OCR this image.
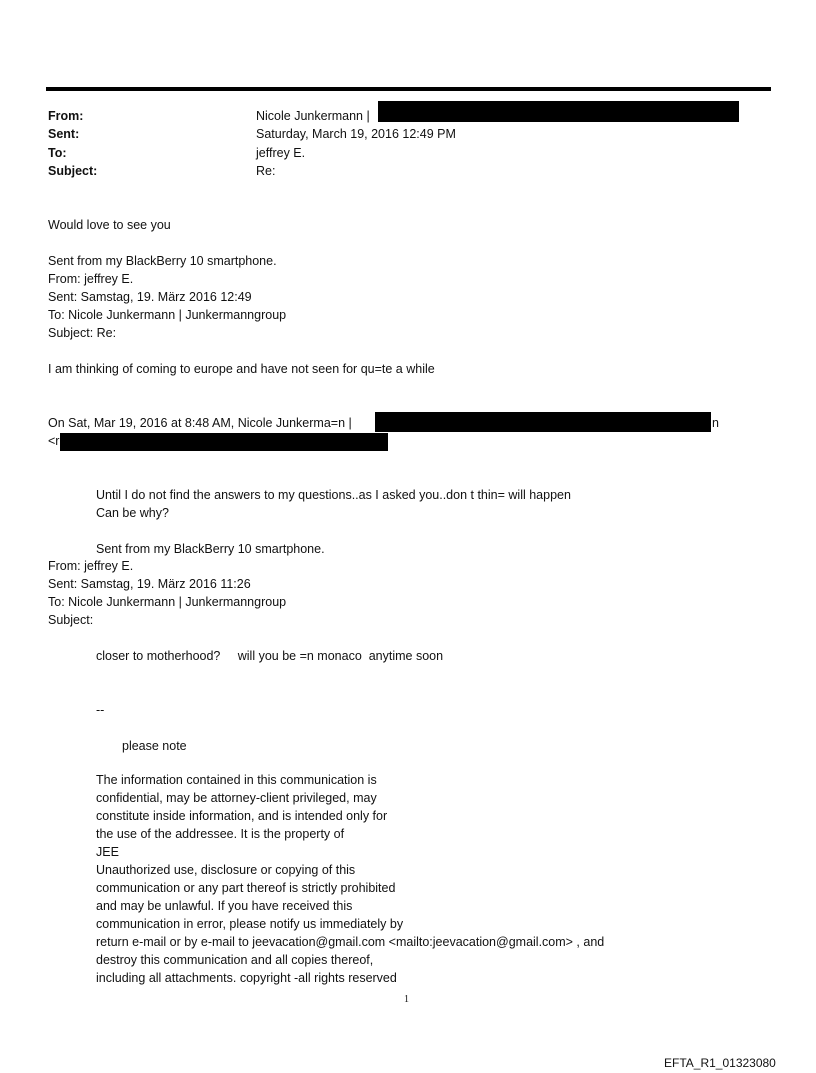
From:	Nicole Junkermann |
Sent:	Saturday, March 19, 2016 12:49 PM
To:	jeffrey E.
Subject:	Re:
Would love to see you
Sent from my BlackBerry 10 smartphone.
From: jeffrey E.
Sent: Samstag, 19. März 2016 12:49
To: Nicole Junkermann | Junkermanngroup
Subject: Re:
I am thinking of coming to europe and have not seen for qu=te a while
On Sat, Mar 19, 2016 at 8:48 AM, Nicole Junkerma=n |	n
<r
Until I do not find the answers to my questions..as I asked you..don t thin= will happen
Can be why?
Sent from my BlackBerry 10 smartphone.
From: jeffrey E.
Sent: Samstag, 19. März 2016 11:26
To: Nicole Junkermann | Junkermanngroup
Subject:
closer to motherhood?     will you be =n monaco  anytime soon
--
please note
The information contained in this communication is
confidential, may be attorney-client privileged, may
constitute inside information, and is intended only for
the use of the addressee. It is the property of
JEE
Unauthorized use, disclosure or copying of this
communication or any part thereof is strictly prohibited
and may be unlawful. If you have received this
communication in error, please notify us immediately by
return e-mail or by e-mail to jeevacation@gmail.com <mailto:jeevacation@gmail.com> , and
destroy this communication and all copies thereof,
including all attachments. copyright -all rights reserved
1
EFTA_R1_01323080
